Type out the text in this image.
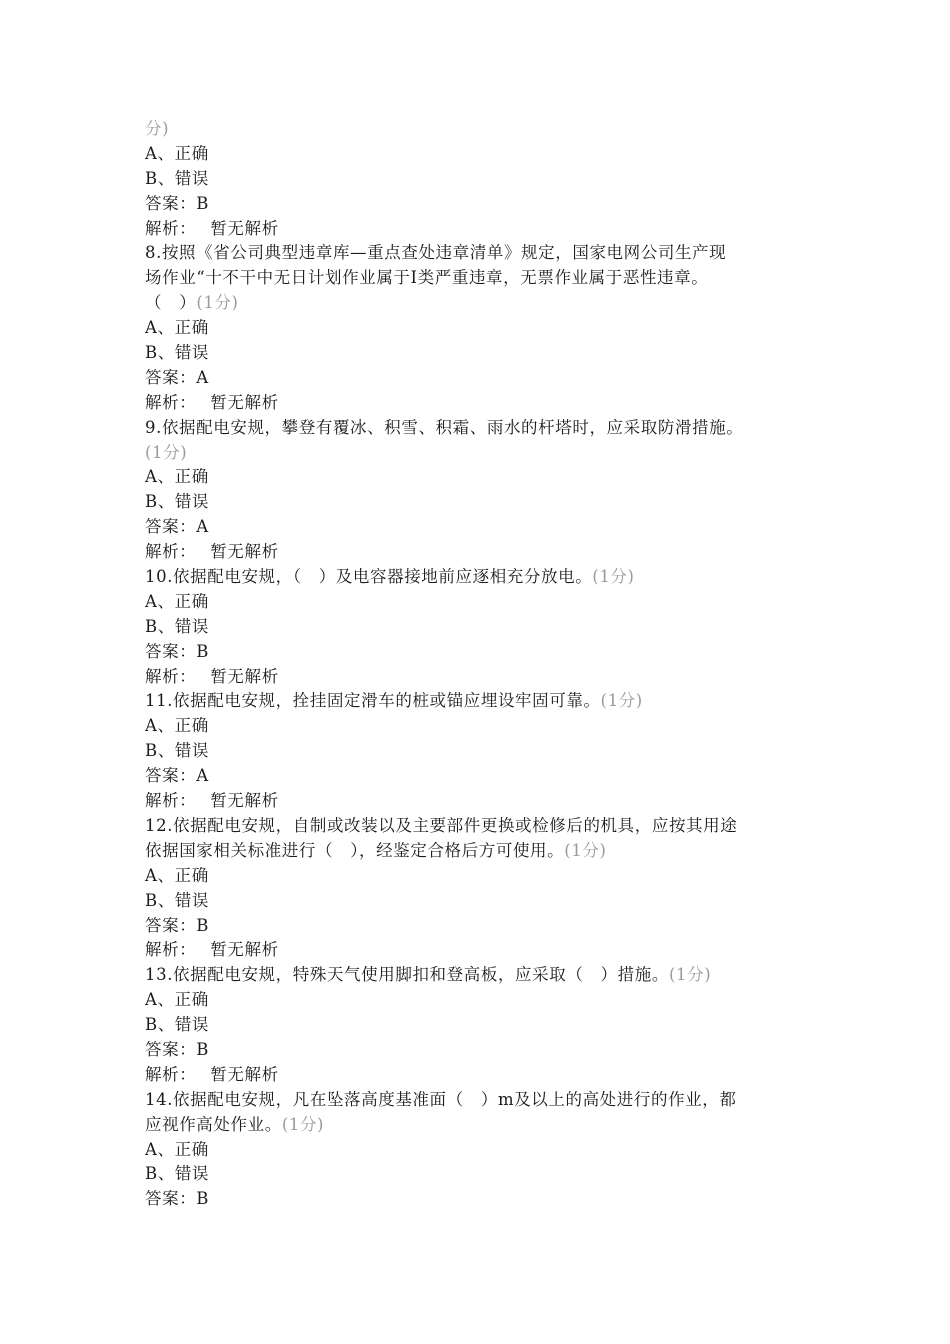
分)
A、正确
B、错误
答案：B
解析： 暂无解析
8.按照《省公司典型违章库—重点查处违章清单》规定，国家电网公司生产现
场作业“十不干中无日计划作业属于Ⅰ类严重违章，无票作业属于恶性违章。
（　）(1分)
A、正确
B、错误
答案：A
解析： 暂无解析
9.依据配电安规，攀登有覆冰、积雪、积霜、雨水的杆塔时，应采取防滑措施。
(1分)
A、正确
B、错误
答案：A
解析： 暂无解析
10.依据配电安规，（　）及电容器接地前应逐相充分放电。(1分)
A、正确
B、错误
答案：B
解析： 暂无解析
11.依据配电安规，拴挂固定滑车的桩或锚应埋设牢固可靠。(1分)
A、正确
B、错误
答案：A
解析： 暂无解析
12.依据配电安规，自制或改装以及主要部件更换或检修后的机具，应按其用途
依据国家相关标准进行（　），经鉴定合格后方可使用。(1分)
A、正确
B、错误
答案：B
解析： 暂无解析
13.依据配电安规，特殊天气使用脚扣和登高板，应采取（　）措施。(1分)
A、正确
B、错误
答案：B
解析： 暂无解析
14.依据配电安规，凡在坠落高度基准面（　）m及以上的高处进行的作业，都
应视作高处作业。(1分)
A、正确
B、错误
答案：B
